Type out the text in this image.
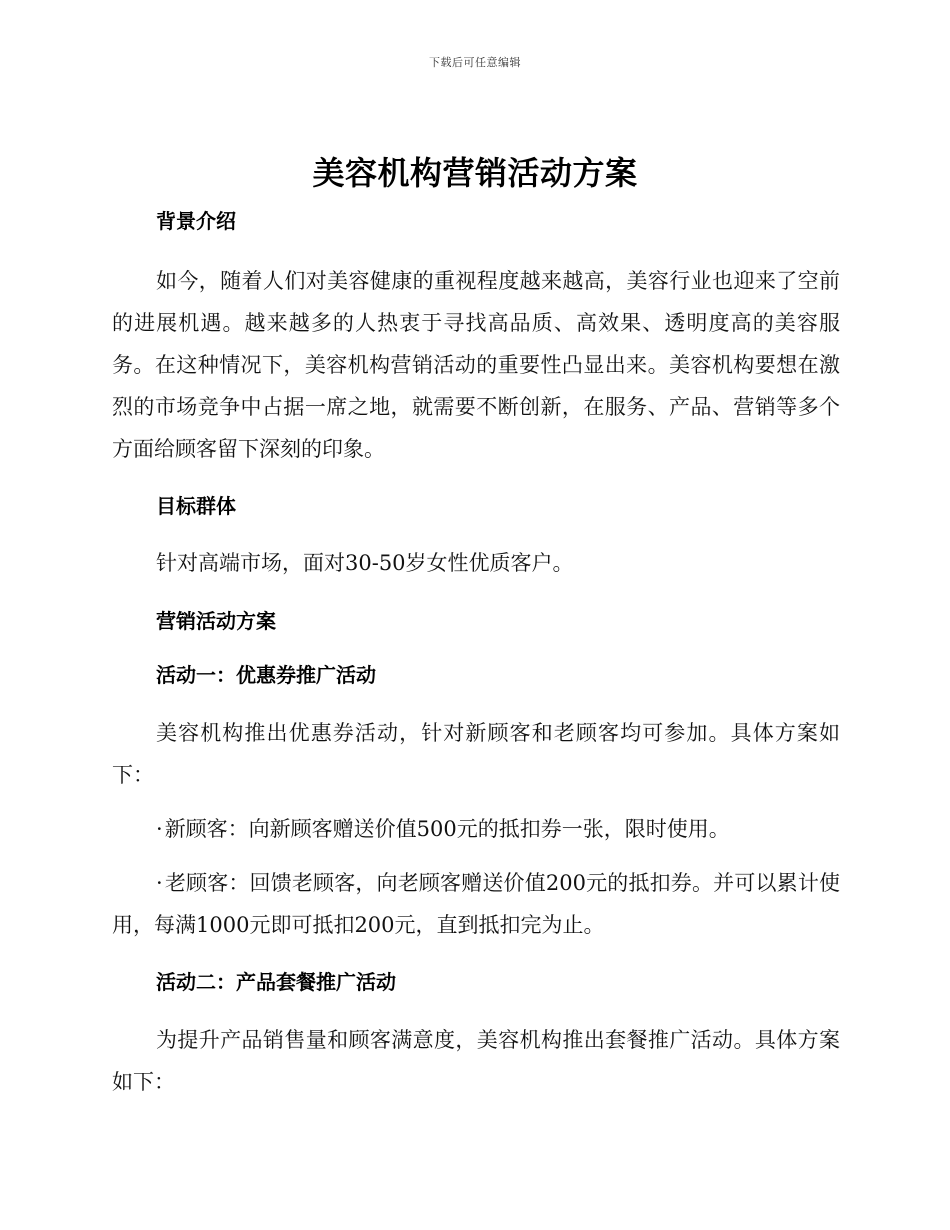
下载后可任意编辑
美容机构营销活动方案
背景介绍

如今，随着人们对美容健康的重视程度越来越高，美容行业也迎来了空前的进展机遇。越来越多的人热衷于寻找高品质、高效果、透明度高的美容服务。在这种情况下，美容机构营销活动的重要性凸显出来。美容机构要想在激烈的市场竞争中占据一席之地，就需要不断创新，在服务、产品、营销等多个方面给顾客留下深刻的印象。

目标群体

针对高端市场，面对30-50岁女性优质客户。

营销活动方案
活动一：优惠券推广活动

美容机构推出优惠券活动，针对新顾客和老顾客均可参加。具体方案如下：

·新顾客：向新顾客赠送价值500元的抵扣券一张，限时使用。

·老顾客：回馈老顾客，向老顾客赠送价值200元的抵扣券。并可以累计使用，每满1000元即可抵扣200元，直到抵扣完为止。

活动二：产品套餐推广活动

为提升产品销售量和顾客满意度，美容机构推出套餐推广活动。具体方案如下：
